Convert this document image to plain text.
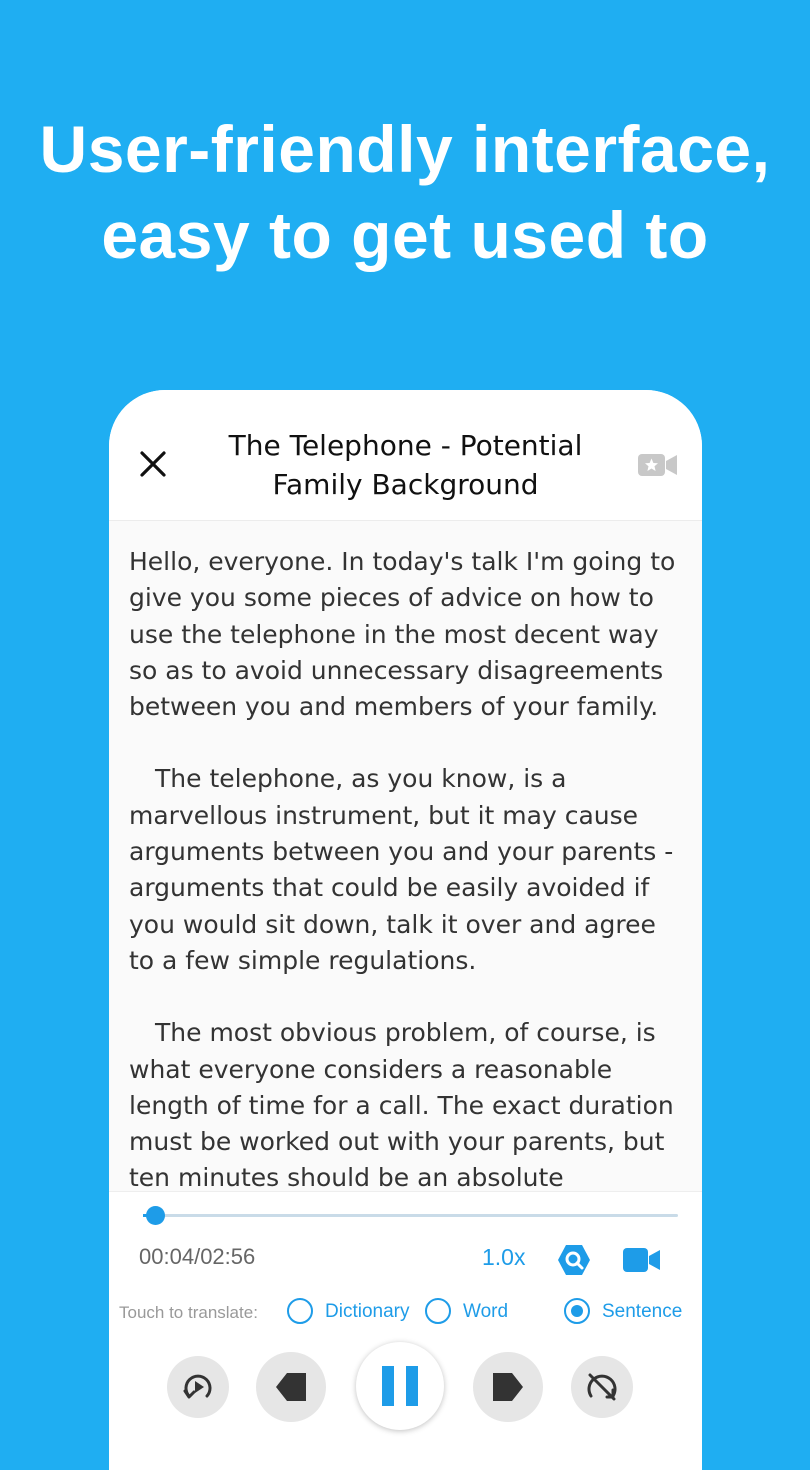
User-friendly interface,
easy to get used to
The Telephone - Potential Family Background

Hello, everyone. In today's talk I'm going to give you some pieces of advice on how to use the telephone in the most decent way so as to avoid unnecessary disagreements between you and members of your family.

The telephone, as you know, is a marvellous instrument, but it may cause arguments between you and your parents - arguments that could be easily avoided if you would sit down, talk it over and agree to a few simple regulations.

The most obvious problem, of course, is what everyone considers a reasonable length of time for a call. The exact duration must be worked out with your parents, but ten minutes should be an absolute

00:04/02:56	1.0x
Touch to translate:	Dictionary	Word	Sentence
